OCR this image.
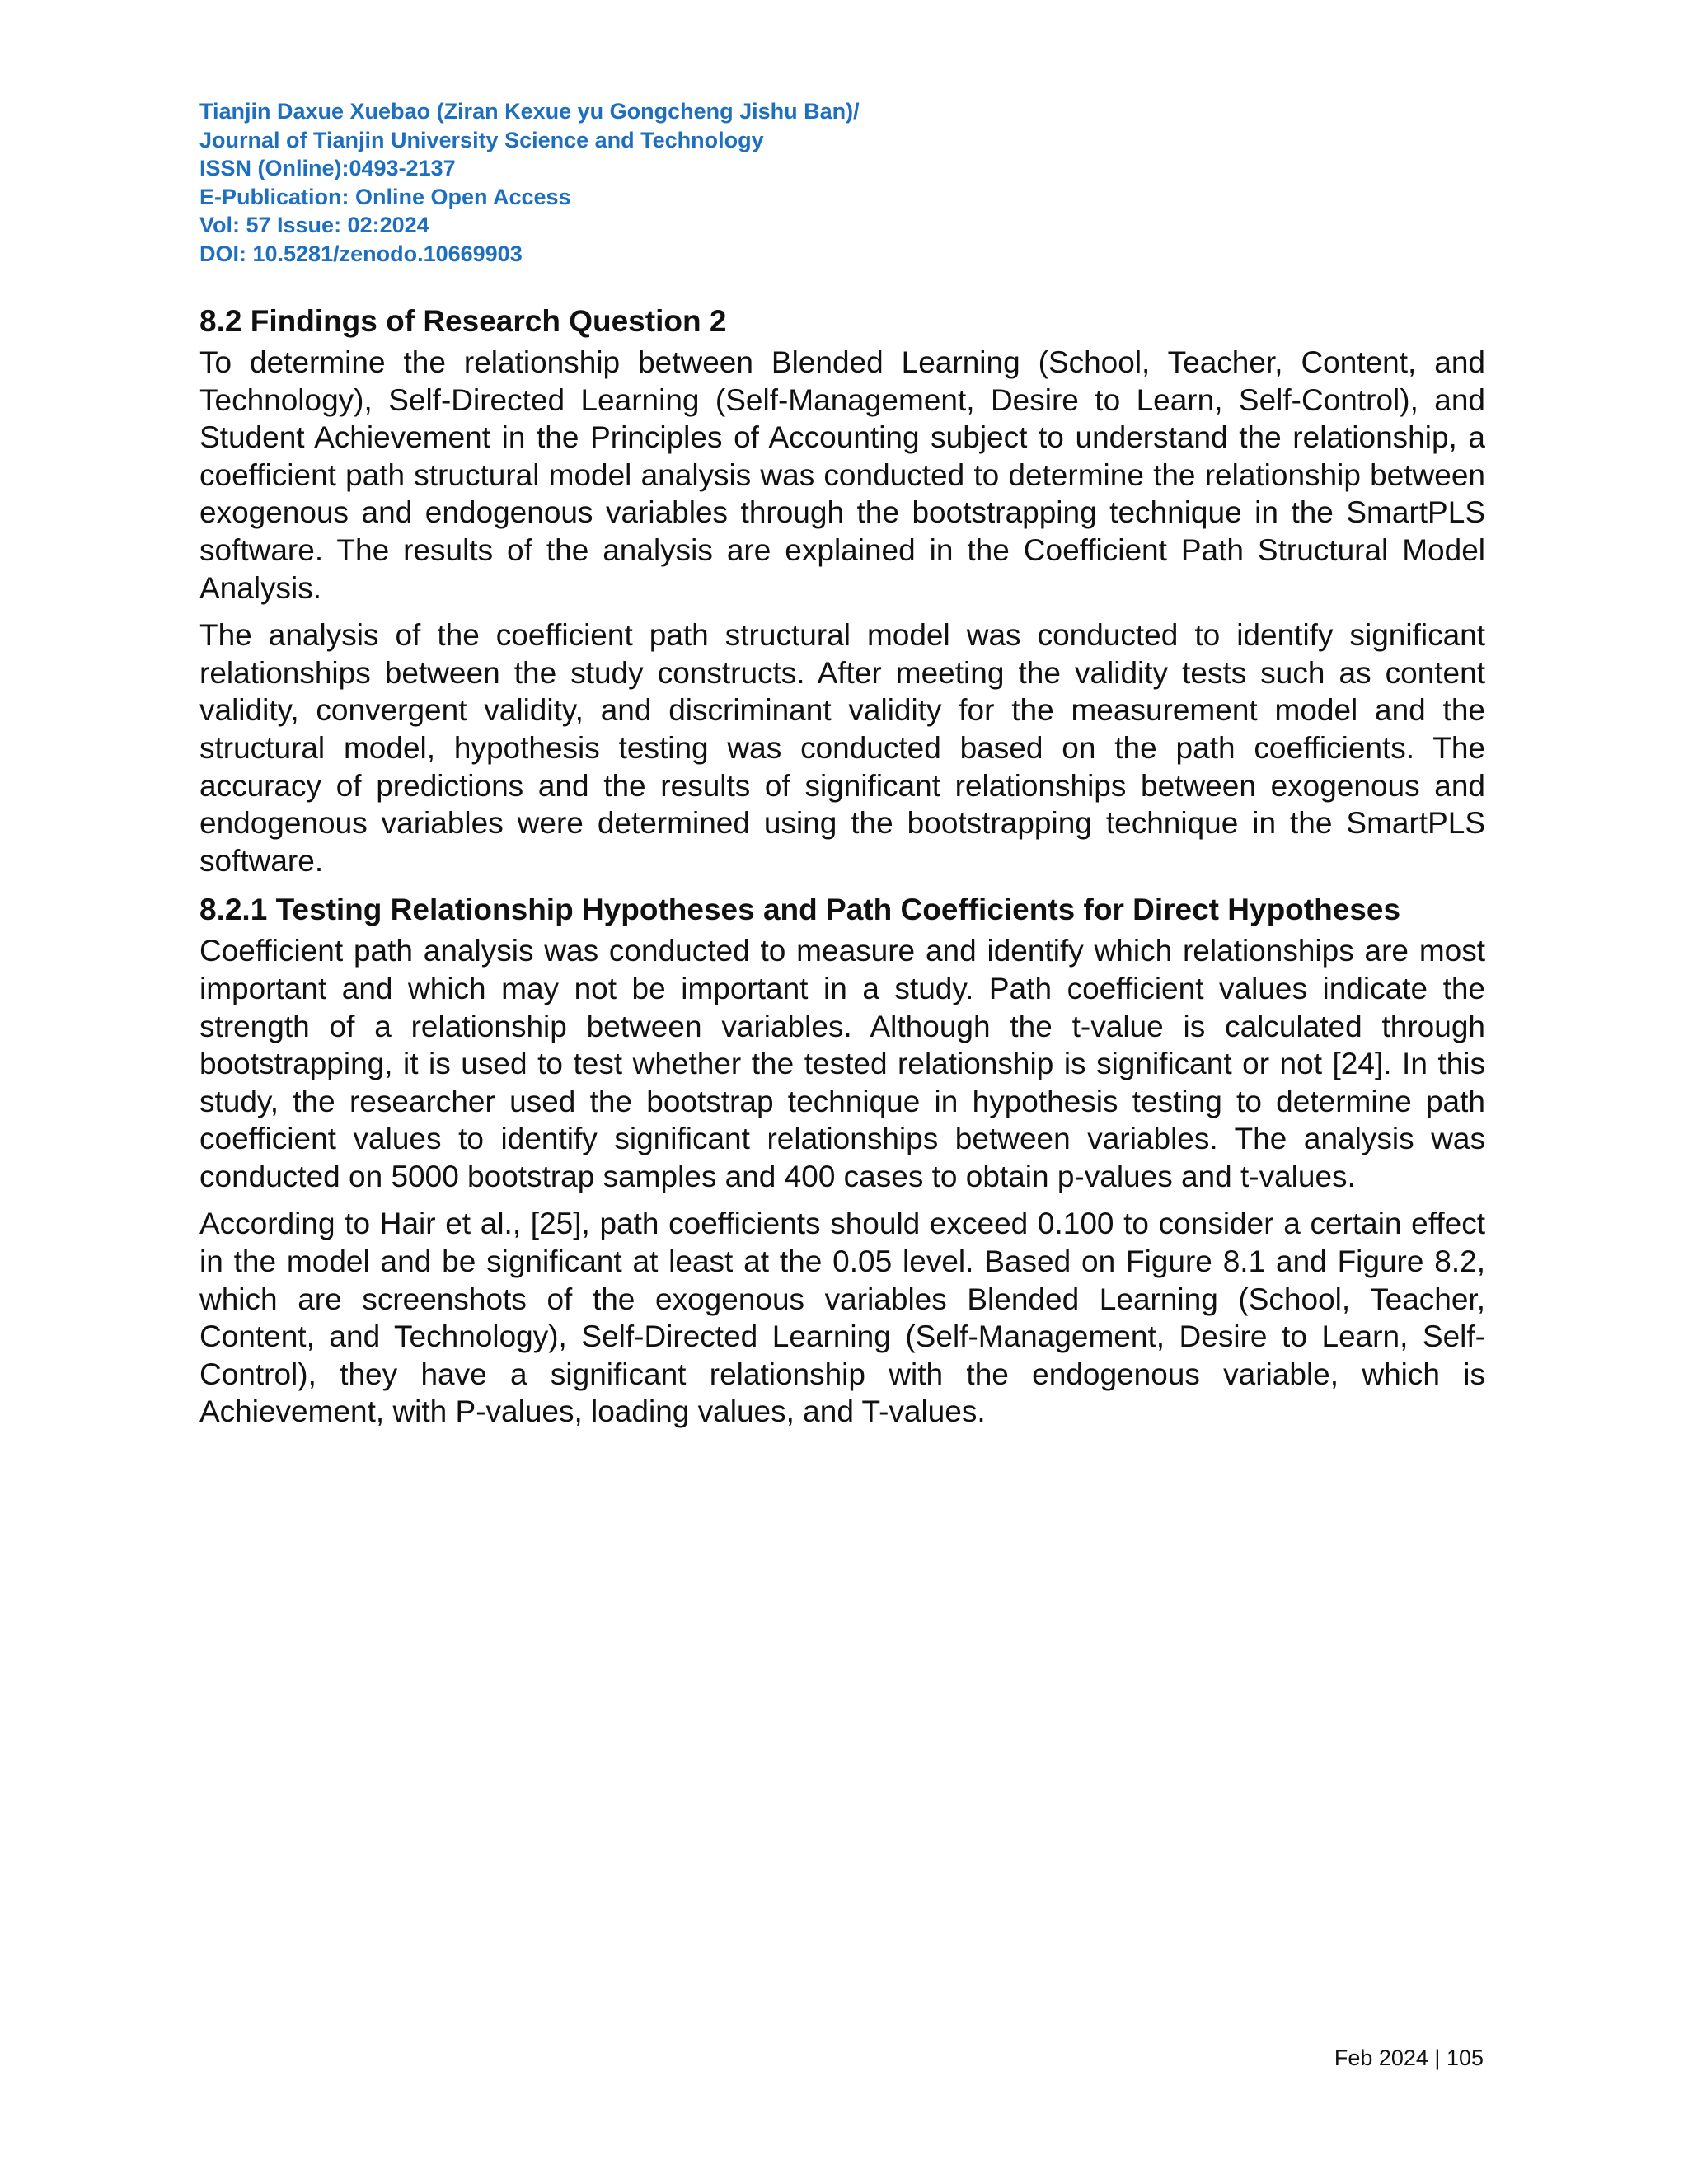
Tianjin Daxue Xuebao (Ziran Kexue yu Gongcheng Jishu Ban)/
Journal of Tianjin University Science and Technology
ISSN (Online):0493-2137
E-Publication: Online Open Access
Vol: 57 Issue: 02:2024
DOI: 10.5281/zenodo.10669903
8.2 Findings of Research Question 2

To determine the relationship between Blended Learning (School, Teacher, Content, and Technology), Self-Directed Learning (Self-Management, Desire to Learn, Self-Control), and Student Achievement in the Principles of Accounting subject to understand the relationship, a coefficient path structural model analysis was conducted to determine the relationship between exogenous and endogenous variables through the bootstrapping technique in the SmartPLS software. The results of the analysis are explained in the Coefficient Path Structural Model Analysis.

The analysis of the coefficient path structural model was conducted to identify significant relationships between the study constructs. After meeting the validity tests such as content validity, convergent validity, and discriminant validity for the measurement model and the structural model, hypothesis testing was conducted based on the path coefficients. The accuracy of predictions and the results of significant relationships between exogenous and endogenous variables were determined using the bootstrapping technique in the SmartPLS software.

8.2.1 Testing Relationship Hypotheses and Path Coefficients for Direct Hypotheses

Coefficient path analysis was conducted to measure and identify which relationships are most important and which may not be important in a study. Path coefficient values indicate the strength of a relationship between variables. Although the t-value is calculated through bootstrapping, it is used to test whether the tested relationship is significant or not [24]. In this study, the researcher used the bootstrap technique in hypothesis testing to determine path coefficient values to identify significant relationships between variables. The analysis was conducted on 5000 bootstrap samples and 400 cases to obtain p-values and t-values.

According to Hair et al., [25], path coefficients should exceed 0.100 to consider a certain effect in the model and be significant at least at the 0.05 level. Based on Figure 8.1 and Figure 8.2, which are screenshots of the exogenous variables Blended Learning (School, Teacher, Content, and Technology), Self-Directed Learning (Self-Management, Desire to Learn, Self-Control), they have a significant relationship with the endogenous variable, which is Achievement, with P-values, loading values, and T-values.

Feb 2024 | 105
